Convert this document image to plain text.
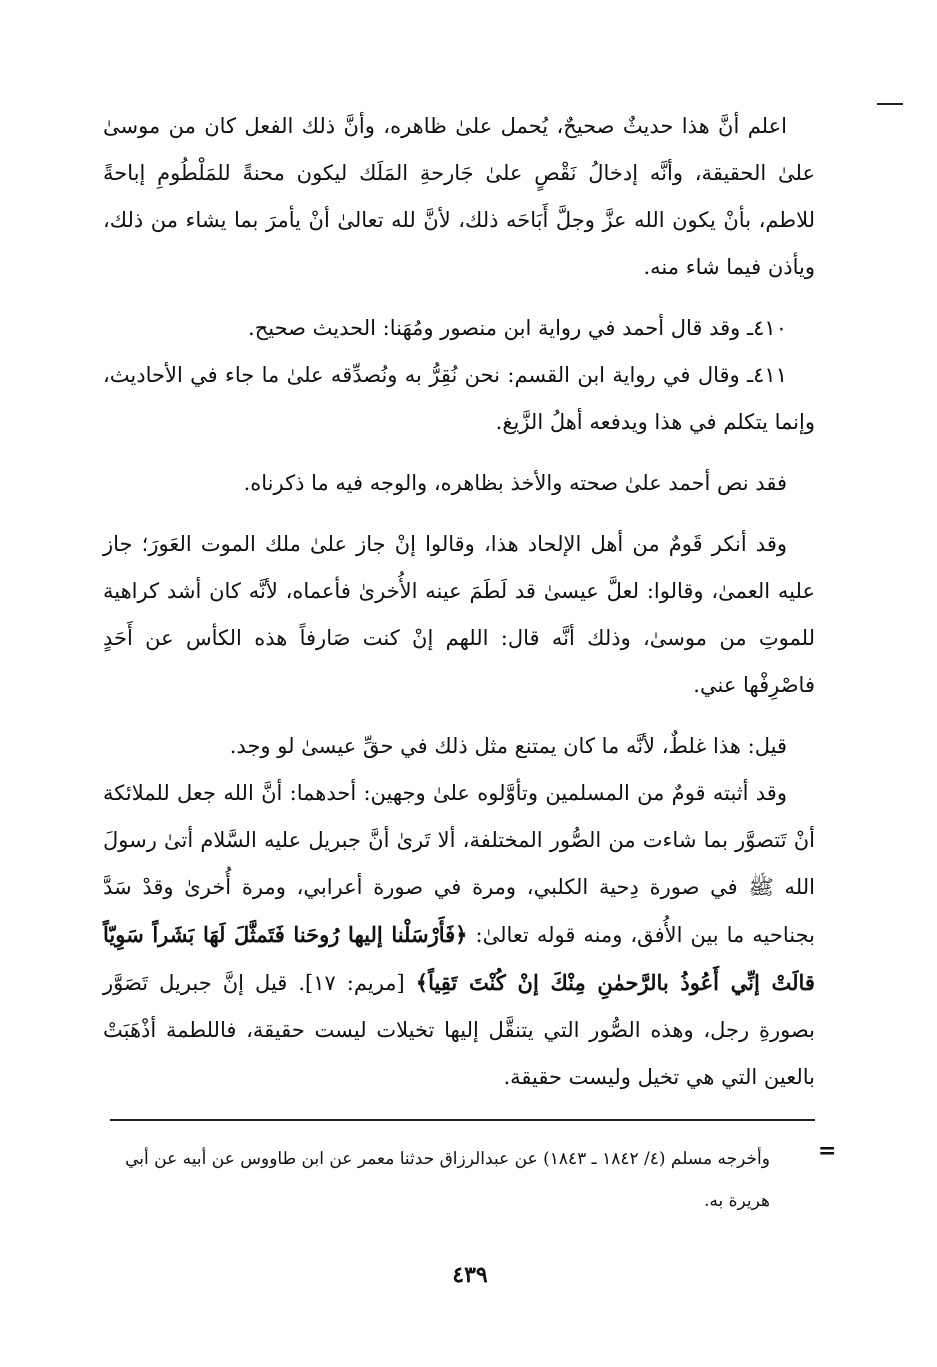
اعلم أنَّ هذا حديثٌ صحيحٌ، يُحمل علىٰ ظاهره، وأنَّ ذلك الفعل كان من موسىٰ علىٰ الحقيقة، وأنَّه إدخالُ نَقْصٍ علىٰ جَارحةِ المَلَك ليكون محنةً للمَلْطُومِ إباحةً للاطم، بأنْ يكون الله عزَّ وجلَّ أَبَاحَه ذلك، لأنَّ لله تعالىٰ أنْ يأمرَ بما يشاء من ذلك، ويأذن فيما شاء منه.

٤١٠ـ وقد قال أحمد في رواية ابن منصور ومُهَنا: الحديث صحيح.

٤١١ـ وقال في رواية ابن القسم: نحن نُقِرُّ به ونُصدِّقه علىٰ ما جاء في الأحاديث، وإنما يتكلم في هذا ويدفعه أهلُ الزَّيغ.

فقد نص أحمد علىٰ صحته والأخذ بظاهره، والوجه فيه ما ذكرناه.

وقد أنكر قَومٌ من أهل الإلحاد هذا، وقالوا إنْ جاز علىٰ ملك الموت العَورَ؛ جاز عليه العمىٰ، وقالوا: لعلَّ عيسىٰ قد لَطَمَ عينه الأُخرىٰ فأعماه، لأنَّه كان أشد كراهية للموتِ من موسىٰ، وذلك أنَّه قال: اللهم إنْ كنت صَارفاً هذه الكأس عن أَحَدٍ فاصْرِفْها عني.

قيل: هذا غلطٌ، لأنَّه ما كان يمتنع مثل ذلك في حقِّ عيسىٰ لو وجد.

وقد أثبته قومٌ من المسلمين وتأوَّلوه علىٰ وجهين: أحدهما: أنَّ الله جعل للملائكة أنْ تَتصوَّر بما شاءت من الصُّور المختلفة، ألا تَرىٰ أنَّ جبريل عليه السَّلام أتىٰ رسولَ الله ﷺ في صورة دِحية الكلبي، ومرة في صورة أعرابي، ومرة أُخرىٰ وقدْ سَدَّ بجناحيه ما بين الأُفق، ومنه قوله تعالىٰ: ﴿فَأَرْسَلْنا إليها رُوحَنا فَتَمثَّلَ لَهَا بَشَراً سَوِيّاً قالَتْ إنِّي أَعُوذُ بالرَّحمٰنِ مِنْكَ إنْ كُنْتَ تَقِياً﴾ [مريم: ١٧]. قيل إنَّ جبريل تَصَوَّر بصورةِ رجل، وهذه الصُّور التي يتنقَّل إليها تخيلات ليست حقيقة، فاللطمة أذْهَبَتْ بالعين التي هي تخيل وليست حقيقة.

=
وأخرجه مسلم (٤/ ١٨٤٢ ـ ١٨٤٣) عن عبدالرزاق حدثنا معمر عن ابن طاووس عن أبيه عن أبي هريرة به.
٤٣٩
